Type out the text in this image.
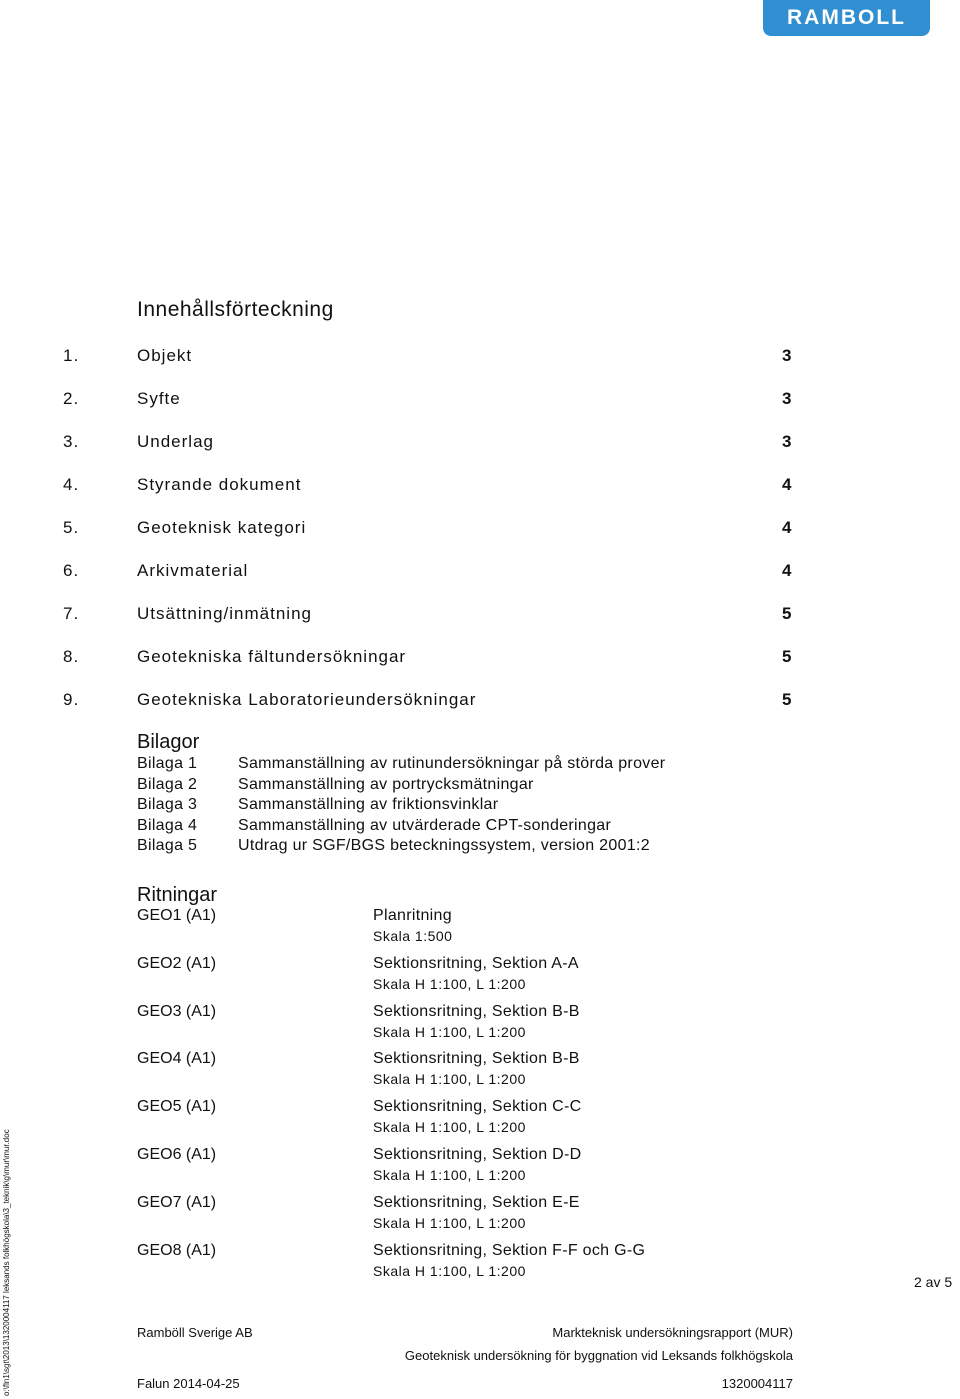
RAMBOLL
Innehållsförteckning
1.	Objekt	3
2.	Syfte	3
3.	Underlag	3
4.	Styrande dokument	4
5.	Geoteknisk kategori	4
6.	Arkivmaterial	4
7.	Utsättning/inmätning	5
8.	Geotekniska fältundersökningar	5
9.	Geotekniska Laboratorieundersökningar	5
Bilagor
Bilaga 1	Sammanställning av rutinundersökningar på störda prover
Bilaga 2	Sammanställning av portrycksmätningar
Bilaga 3	Sammanställning av friktionsvinklar
Bilaga 4	Sammanställning av utvärderade CPT-sonderingar
Bilaga 5	Utdrag ur SGF/BGS beteckningssystem, version 2001:2
Ritningar
GEO1 (A1)	Planritning
Skala 1:500
GEO2 (A1)	Sektionsritning, Sektion A-A
Skala H 1:100, L 1:200
GEO3 (A1)	Sektionsritning, Sektion B-B
Skala H 1:100, L 1:200
GEO4 (A1)	Sektionsritning, Sektion B-B
Skala H 1:100, L 1:200
GEO5 (A1)	Sektionsritning, Sektion C-C
Skala H 1:100, L 1:200
GEO6 (A1)	Sektionsritning, Sektion D-D
Skala H 1:100, L 1:200
GEO7 (A1)	Sektionsritning, Sektion E-E
Skala H 1:100, L 1:200
GEO8 (A1)	Sektionsritning, Sektion F-F och G-G
Skala H 1:100, L 1:200
2 av 5
o:\fln1\sgt\2013\1320004117 leksands folkhögskola\3_teknik\g\mur\mur.doc	Ramböll Sverige AB	Markteknisk undersökningsrapport (MUR)
Geoteknisk undersökning för byggnation vid Leksands folkhögskola
Falun 2014-04-25	1320004117
